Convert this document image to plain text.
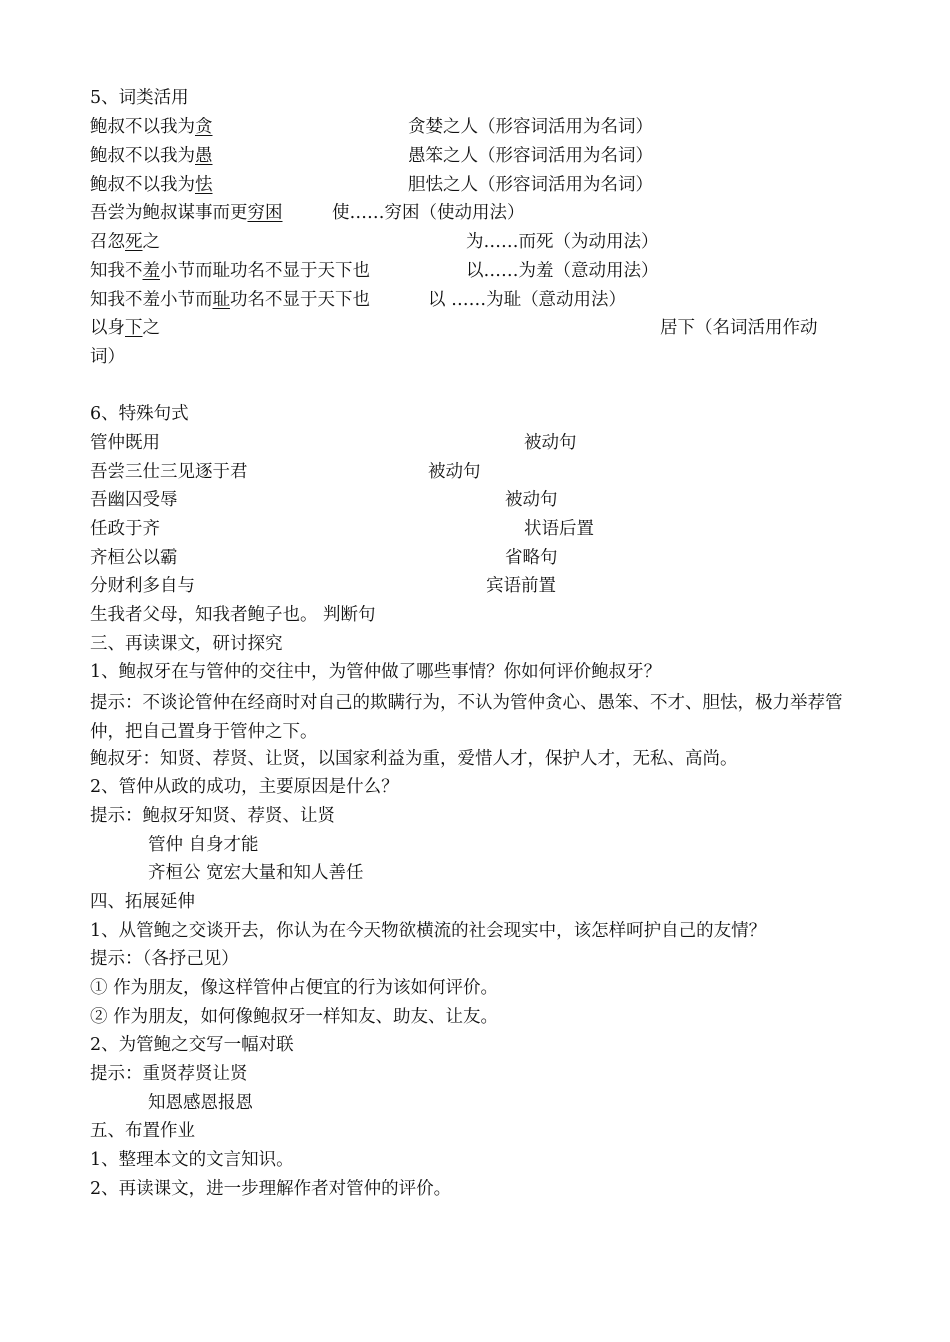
5、词类活用
鲍叔不以我为贪	贪婪之人（形容词活用为名词）
鲍叔不以我为愚	愚笨之人（形容词活用为名词）
鲍叔不以我为怯	胆怯之人（形容词活用为名词）
吾尝为鲍叔谋事而更穷困	使……穷困（使动用法）
召忽死之	为……而死（为动用法）
知我不羞小节而耻功名不显于天下也	以……为羞（意动用法）
知我不羞小节而耻功名不显于天下也	以 ……为耻（意动用法）
以身下之	居下（名词活用作动
词）
6、特殊句式
管仲既用	被动句
吾尝三仕三见逐于君	被动句
吾幽囚受辱	被动句
任政于齐	状语后置
齐桓公以霸	省略句
分财利多自与	宾语前置
生我者父母，知我者鲍子也。 判断句
三、再读课文，研讨探究
1、鲍叔牙在与管仲的交往中，为管仲做了哪些事情？你如何评价鲍叔牙？
提示：不谈论管仲在经商时对自己的欺瞒行为，不认为管仲贪心、愚笨、不才、胆怯，极力举荐管仲，把自己置身于管仲之下。
鲍叔牙：知贤、荐贤、让贤，以国家利益为重，爱惜人才，保护人才，无私、高尚。
2、管仲从政的成功，主要原因是什么？
提示：鲍叔牙知贤、荐贤、让贤
管仲 自身才能
齐桓公 宽宏大量和知人善任
四、拓展延伸
1、从管鲍之交谈开去，你认为在今天物欲横流的社会现实中，该怎样呵护自己的友情？
提示：（各抒己见）
① 作为朋友，像这样管仲占便宜的行为该如何评价。
② 作为朋友，如何像鲍叔牙一样知友、助友、让友。
2、为管鲍之交写一幅对联
提示：重贤荐贤让贤
知恩感恩报恩
五、布置作业
1、整理本文的文言知识。
2、再读课文，进一步理解作者对管仲的评价。
